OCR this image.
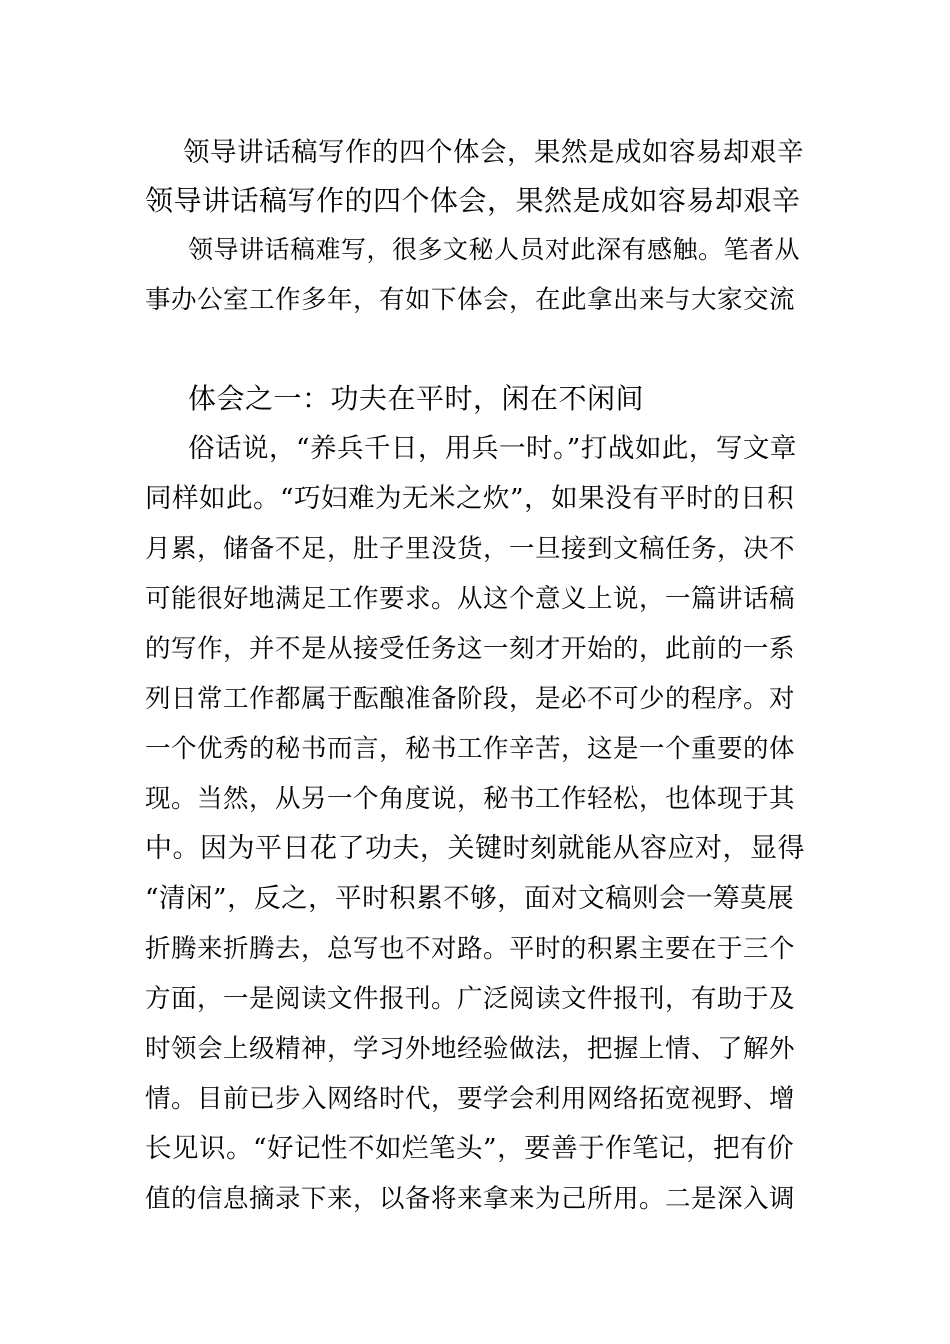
领导讲话稿写作的四个体会，果然是成如容易却艰辛
领导讲话稿写作的四个体会，果然是成如容易却艰辛
领导讲话稿难写，很多文秘人员对此深有感触。笔者从
事办公室工作多年，有如下体会，在此拿出来与大家交流
体会之一：功夫在平时，闲在不闲间
俗话说，“养兵千日，用兵一时。”打战如此，写文章
同样如此。“巧妇难为无米之炊”，如果没有平时的日积
月累，储备不足，肚子里没货，一旦接到文稿任务，决不
可能很好地满足工作要求。从这个意义上说，一篇讲话稿
的写作，并不是从接受任务这一刻才开始的，此前的一系
列日常工作都属于酝酿准备阶段，是必不可少的程序。对
一个优秀的秘书而言，秘书工作辛苦，这是一个重要的体
现。当然，从另一个角度说，秘书工作轻松，也体现于其
中。因为平日花了功夫，关键时刻就能从容应对，显得
“清闲”，反之，平时积累不够，面对文稿则会一筹莫展
折腾来折腾去，总写也不对路。平时的积累主要在于三个
方面，一是阅读文件报刊。广泛阅读文件报刊，有助于及
时领会上级精神，学习外地经验做法，把握上情、了解外
情。目前已步入网络时代，要学会利用网络拓宽视野、增
长见识。“好记性不如烂笔头”，要善于作笔记，把有价
值的信息摘录下来，以备将来拿来为己所用。二是深入调
